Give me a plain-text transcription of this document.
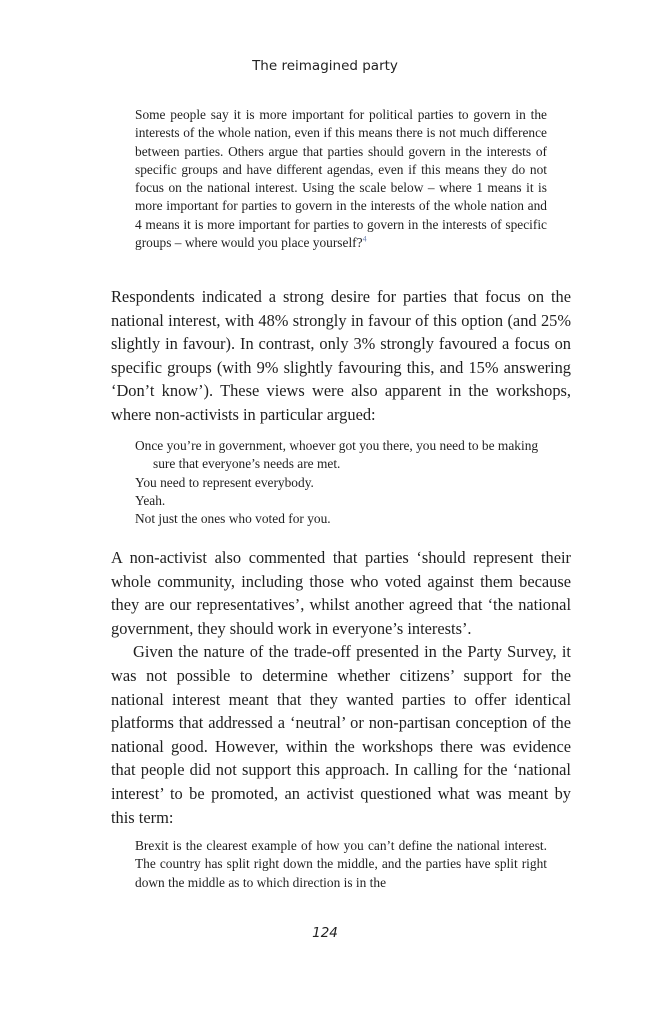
The reimagined party

Some people say it is more important for political parties to govern in the interests of the whole nation, even if this means there is not much difference between parties. Others argue that parties should govern in the interests of specific groups and have different agendas, even if this means they do not focus on the national interest. Using the scale below – where 1 means it is more important for parties to govern in the interests of the whole nation and 4 means it is more important for parties to govern in the interests of specific groups – where would you place yourself?$^4$

Respondents indicated a strong desire for parties that focus on the national interest, with 48% strongly in favour of this option (and 25% slightly in favour). In contrast, only 3% strongly favoured a focus on specific groups (with 9% slightly favouring this, and 15% answering ‘Don’t know’). These views were also apparent in the workshops, where non-activists in particular argued:

Once you’re in government, whoever got you there, you need to be making sure that everyone’s needs are met.

You need to represent everybody.

Yeah.

Not just the ones who voted for you.

A non-activist also commented that parties ‘should represent their whole community, including those who voted against them because they are our representatives’, whilst another agreed that ‘the national government, they should work in everyone’s interests’.

Given the nature of the trade-off presented in the Party Survey, it was not possible to determine whether citizens’ support for the national interest meant that they wanted parties to offer identical platforms that addressed a ‘neutral’ or non-partisan conception of the national good. However, within the workshops there was evidence that people did not support this approach. In calling for the ‘national interest’ to be promoted, an activist questioned what was meant by this term:

Brexit is the clearest example of how you can’t define the national interest. The country has split right down the middle, and the parties have split right down the middle as to which direction is in the

124
